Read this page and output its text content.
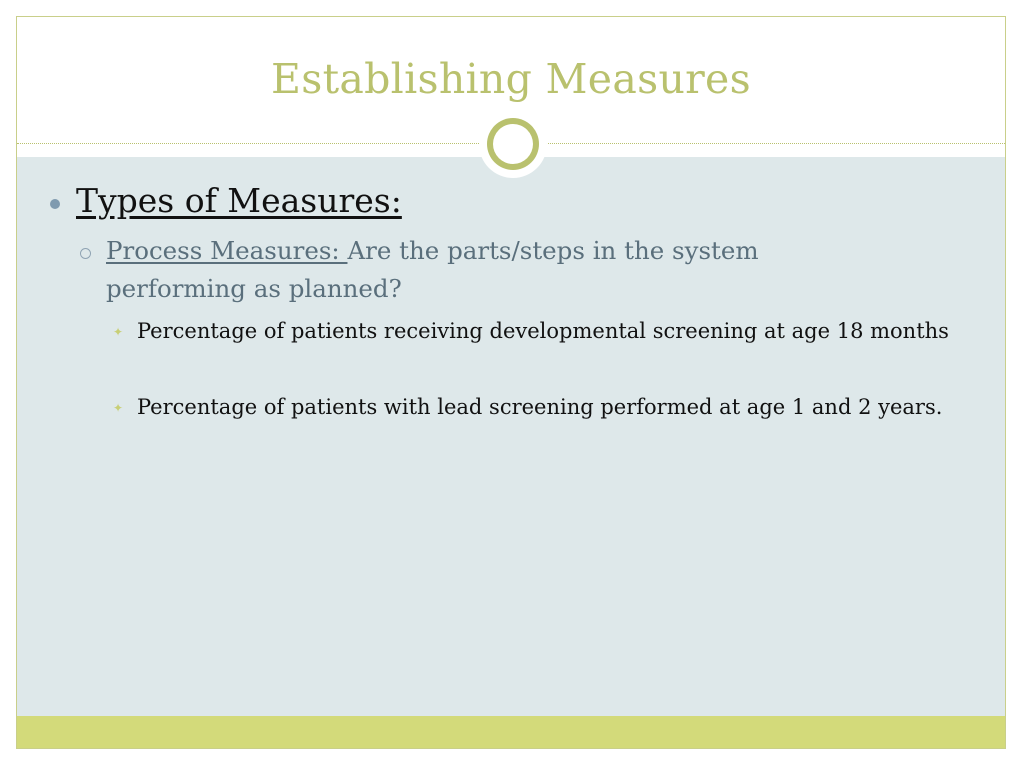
Establishing Measures
Types of Measures:
Process Measures: Are the parts/steps in the system performing as planned?
✦ Percentage of patients receiving developmental screening at age 18 months
✦ Percentage of patients with lead screening performed at age 1 and 2 years.
